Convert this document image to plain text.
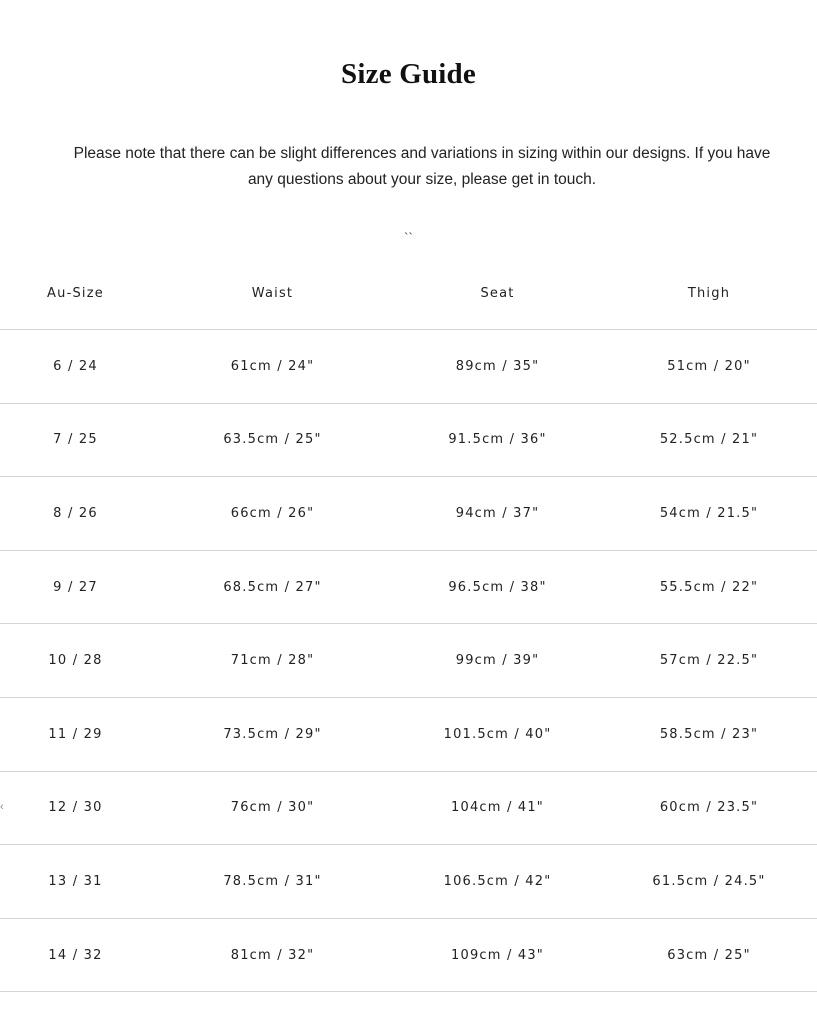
Size Guide
Please note that there can be slight differences and variations in sizing within our designs. If you have any questions about your size, please get in touch.
``
‹
Au-Size	Waist	Seat	Thigh
6 / 24	61cm / 24"	89cm / 35"	51cm / 20"
7 / 25	63.5cm / 25"	91.5cm / 36"	52.5cm / 21"
8 / 26	66cm / 26"	94cm / 37"	54cm / 21.5"
9 / 27	68.5cm / 27"	96.5cm / 38"	55.5cm / 22"
10 / 28	71cm / 28"	99cm / 39"	57cm / 22.5"
11 / 29	73.5cm / 29"	101.5cm / 40"	58.5cm / 23"
12 / 30	76cm / 30"	104cm / 41"	60cm / 23.5"
13 / 31	78.5cm / 31"	106.5cm / 42"	61.5cm / 24.5"
14 / 32	81cm / 32"	109cm / 43"	63cm / 25"
